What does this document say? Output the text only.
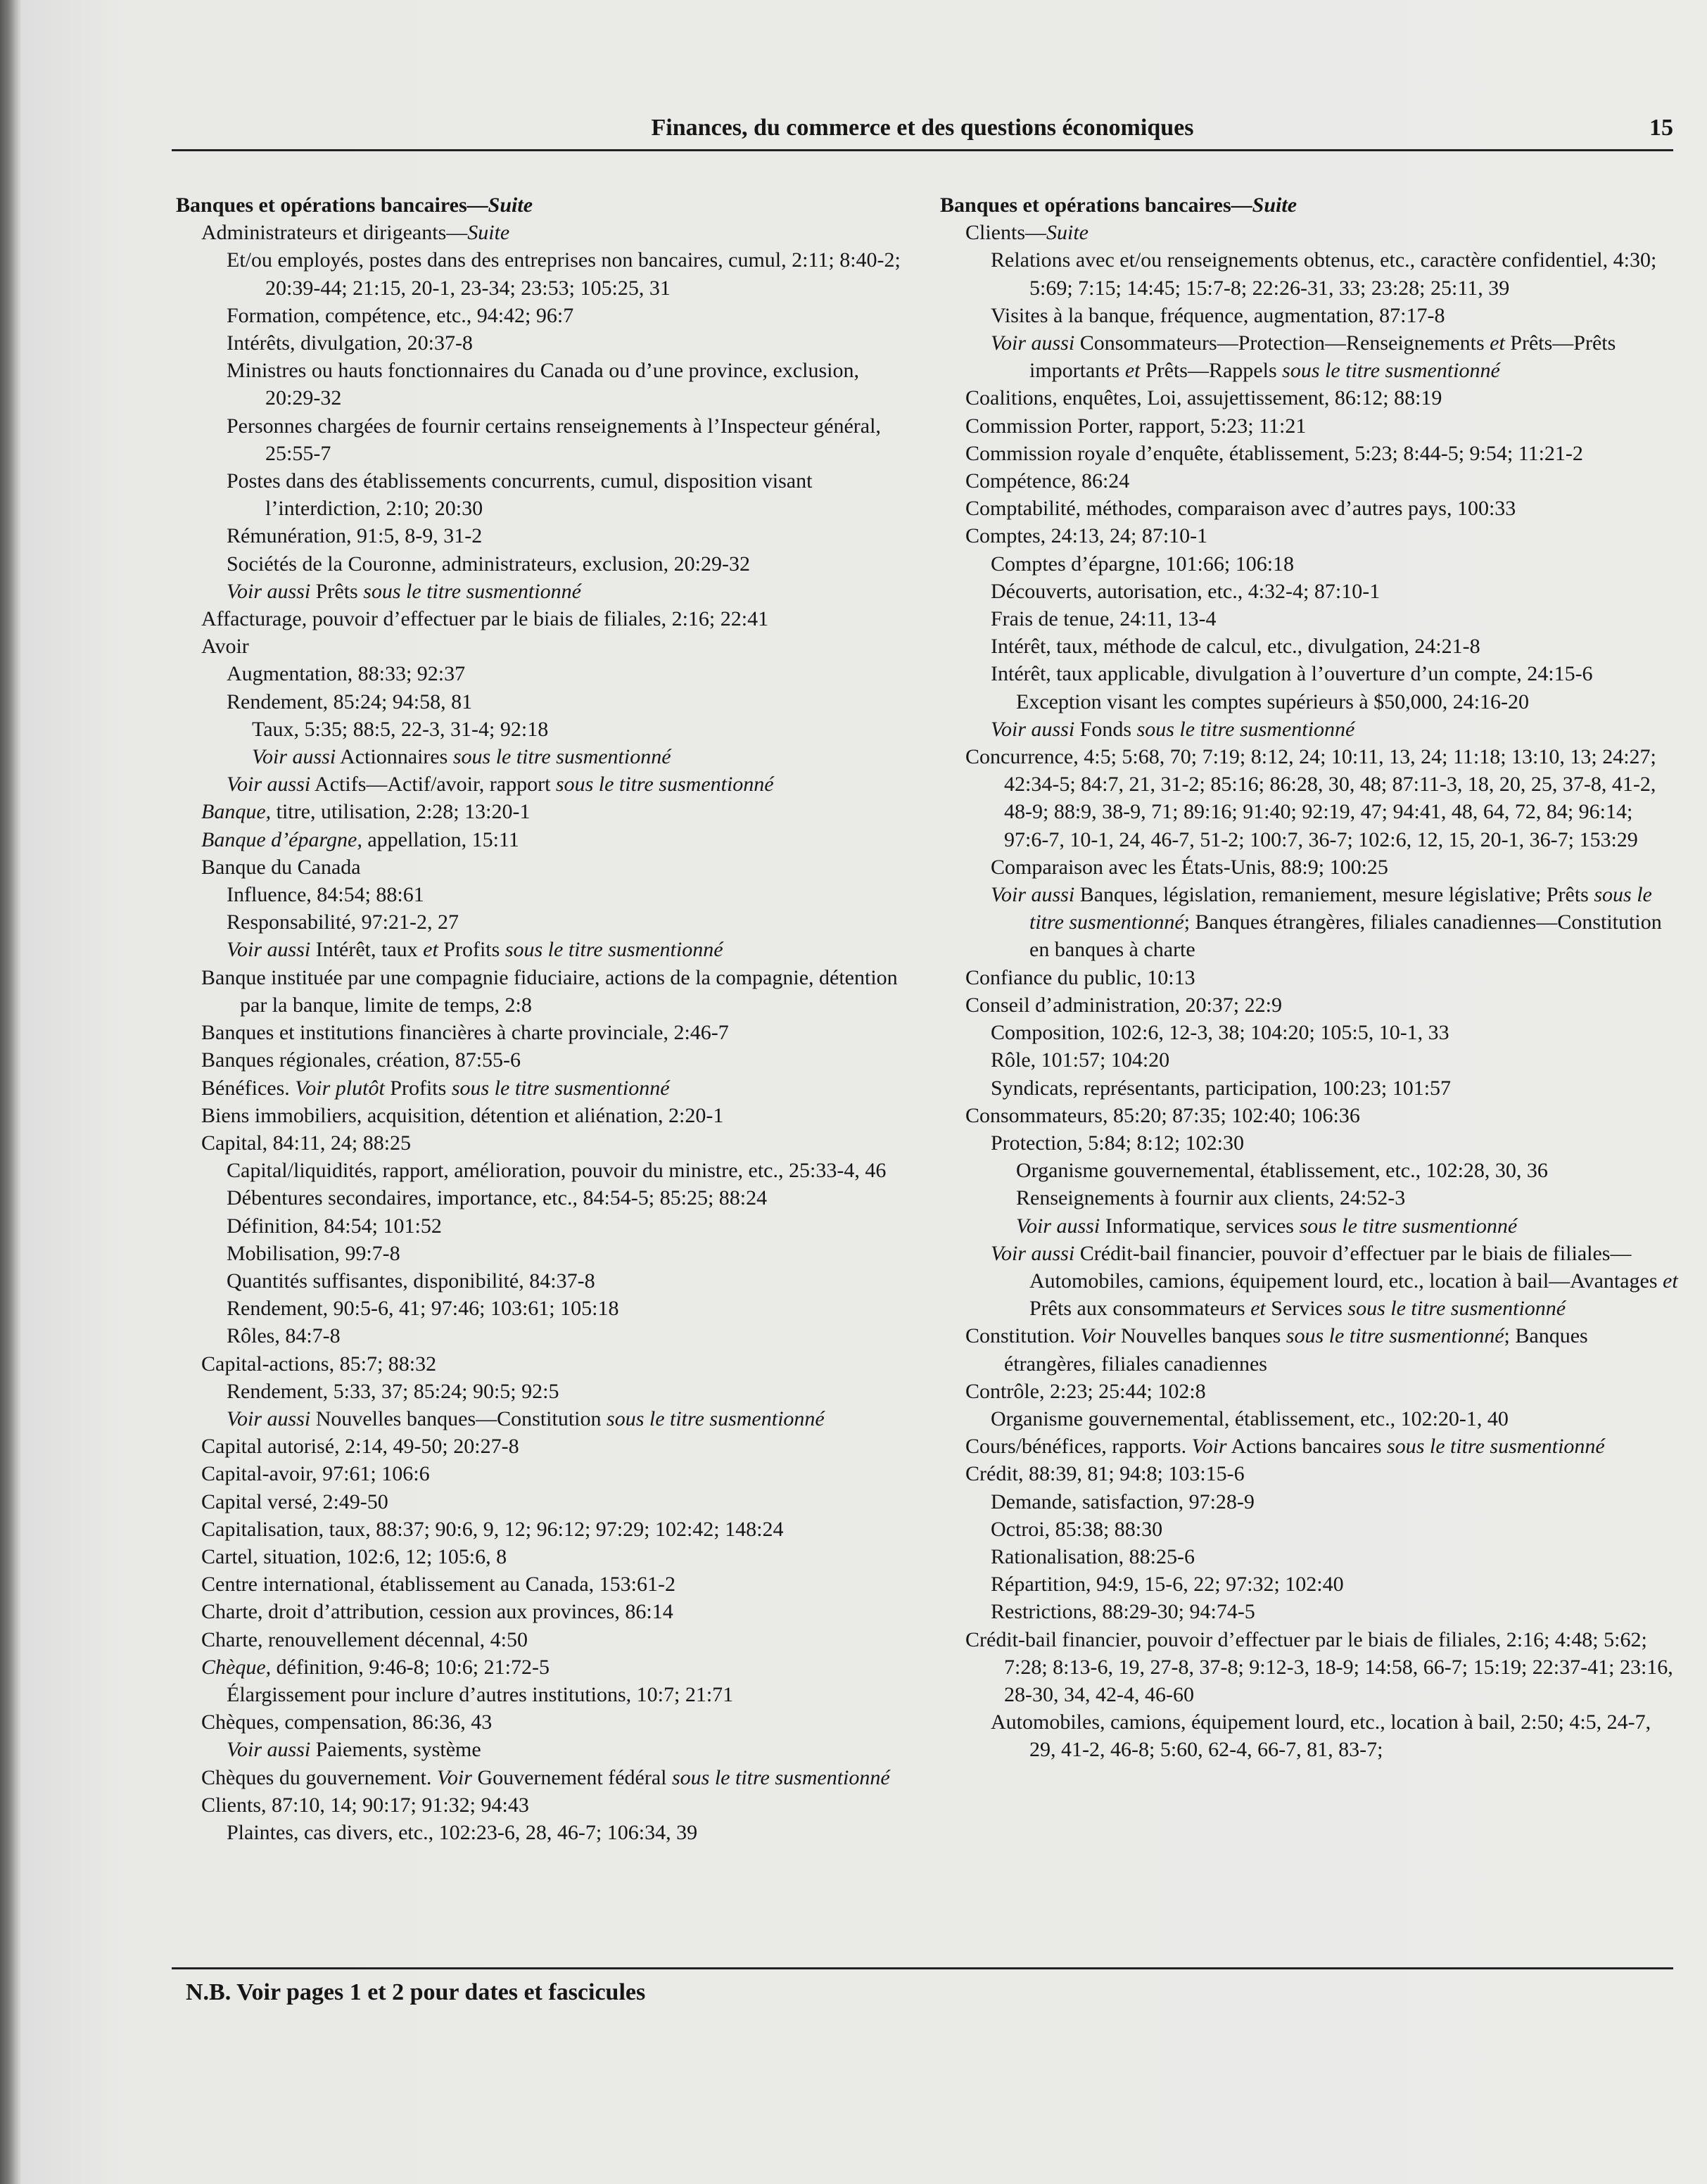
Finances, du commerce et des questions économiques	15
Banques et opérations bancaires—Suite
Administrateurs et dirigeants—Suite
Et/ou employés, postes dans des entreprises non bancaires, cumul, 2:11; 8:40-2; 20:39-44; 21:15, 20-1, 23-34; 23:53; 105:25, 31
Formation, compétence, etc., 94:42; 96:7
Intérêts, divulgation, 20:37-8
Ministres ou hauts fonctionnaires du Canada ou d’une province, exclusion, 20:29-32
Personnes chargées de fournir certains renseignements à l’Inspecteur général, 25:55-7
Postes dans des établissements concurrents, cumul, disposition visant l’interdiction, 2:10; 20:30
Rémunération, 91:5, 8-9, 31-2
Sociétés de la Couronne, administrateurs, exclusion, 20:29-32
Voir aussi Prêts sous le titre susmentionné
Affacturage, pouvoir d’effectuer par le biais de filiales, 2:16; 22:41
Avoir
Augmentation, 88:33; 92:37
Rendement, 85:24; 94:58, 81
Taux, 5:35; 88:5, 22-3, 31-4; 92:18
Voir aussi Actionnaires sous le titre susmentionné
Voir aussi Actifs—Actif/avoir, rapport sous le titre susmentionné
Banque, titre, utilisation, 2:28; 13:20-1
Banque d’épargne, appellation, 15:11
Banque du Canada
Influence, 84:54; 88:61
Responsabilité, 97:21-2, 27
Voir aussi Intérêt, taux et Profits sous le titre susmentionné
Banque instituée par une compagnie fiduciaire, actions de la compagnie, détention par la banque, limite de temps, 2:8
Banques et institutions financières à charte provinciale, 2:46-7
Banques régionales, création, 87:55-6
Bénéfices. Voir plutôt Profits sous le titre susmentionné
Biens immobiliers, acquisition, détention et aliénation, 2:20-1
Capital, 84:11, 24; 88:25
Capital/liquidités, rapport, amélioration, pouvoir du ministre, etc., 25:33-4, 46
Débentures secondaires, importance, etc., 84:54-5; 85:25; 88:24
Définition, 84:54; 101:52
Mobilisation, 99:7-8
Quantités suffisantes, disponibilité, 84:37-8
Rendement, 90:5-6, 41; 97:46; 103:61; 105:18
Rôles, 84:7-8
Capital-actions, 85:7; 88:32
Rendement, 5:33, 37; 85:24; 90:5; 92:5
Voir aussi Nouvelles banques—Constitution sous le titre susmentionné
Capital autorisé, 2:14, 49-50; 20:27-8
Capital-avoir, 97:61; 106:6
Capital versé, 2:49-50
Capitalisation, taux, 88:37; 90:6, 9, 12; 96:12; 97:29; 102:42; 148:24
Cartel, situation, 102:6, 12; 105:6, 8
Centre international, établissement au Canada, 153:61-2
Charte, droit d’attribution, cession aux provinces, 86:14
Charte, renouvellement décennal, 4:50
Chèque, définition, 9:46-8; 10:6; 21:72-5
Élargissement pour inclure d’autres institutions, 10:7; 21:71
Chèques, compensation, 86:36, 43
Voir aussi Paiements, système
Chèques du gouvernement. Voir Gouvernement fédéral sous le titre susmentionné
Clients, 87:10, 14; 90:17; 91:32; 94:43
Plaintes, cas divers, etc., 102:23-6, 28, 46-7; 106:34, 39
Banques et opérations bancaires—Suite
Clients—Suite
Relations avec et/ou renseignements obtenus, etc., caractère confidentiel, 4:30; 5:69; 7:15; 14:45; 15:7-8; 22:26-31, 33; 23:28; 25:11, 39
Visites à la banque, fréquence, augmentation, 87:17-8
Voir aussi Consommateurs—Protection—Renseignements et Prêts—Prêts importants et Prêts—Rappels sous le titre susmentionné
Coalitions, enquêtes, Loi, assujettissement, 86:12; 88:19
Commission Porter, rapport, 5:23; 11:21
Commission royale d’enquête, établissement, 5:23; 8:44-5; 9:54; 11:21-2
Compétence, 86:24
Comptabilité, méthodes, comparaison avec d’autres pays, 100:33
Comptes, 24:13, 24; 87:10-1
Comptes d’épargne, 101:66; 106:18
Découverts, autorisation, etc., 4:32-4; 87:10-1
Frais de tenue, 24:11, 13-4
Intérêt, taux, méthode de calcul, etc., divulgation, 24:21-8
Intérêt, taux applicable, divulgation à l’ouverture d’un compte, 24:15-6
Exception visant les comptes supérieurs à $50,000, 24:16-20
Voir aussi Fonds sous le titre susmentionné
Concurrence, 4:5; 5:68, 70; 7:19; 8:12, 24; 10:11, 13, 24; 11:18; 13:10, 13; 24:27; 42:34-5; 84:7, 21, 31-2; 85:16; 86:28, 30, 48; 87:11-3, 18, 20, 25, 37-8, 41-2, 48-9; 88:9, 38-9, 71; 89:16; 91:40; 92:19, 47; 94:41, 48, 64, 72, 84; 96:14; 97:6-7, 10-1, 24, 46-7, 51-2; 100:7, 36-7; 102:6, 12, 15, 20-1, 36-7; 153:29
Comparaison avec les États-Unis, 88:9; 100:25
Voir aussi Banques, législation, remaniement, mesure législative; Prêts sous le titre susmentionné; Banques étrangères, filiales canadiennes—Constitution en banques à charte
Confiance du public, 10:13
Conseil d’administration, 20:37; 22:9
Composition, 102:6, 12-3, 38; 104:20; 105:5, 10-1, 33
Rôle, 101:57; 104:20
Syndicats, représentants, participation, 100:23; 101:57
Consommateurs, 85:20; 87:35; 102:40; 106:36
Protection, 5:84; 8:12; 102:30
Organisme gouvernemental, établissement, etc., 102:28, 30, 36
Renseignements à fournir aux clients, 24:52-3
Voir aussi Informatique, services sous le titre susmentionné
Voir aussi Crédit-bail financier, pouvoir d’effectuer par le biais de filiales—Automobiles, camions, équipement lourd, etc., location à bail—Avantages et Prêts aux consommateurs et Services sous le titre susmentionné
Constitution. Voir Nouvelles banques sous le titre susmentionné; Banques étrangères, filiales canadiennes
Contrôle, 2:23; 25:44; 102:8
Organisme gouvernemental, établissement, etc., 102:20-1, 40
Cours/bénéfices, rapports. Voir Actions bancaires sous le titre susmentionné
Crédit, 88:39, 81; 94:8; 103:15-6
Demande, satisfaction, 97:28-9
Octroi, 85:38; 88:30
Rationalisation, 88:25-6
Répartition, 94:9, 15-6, 22; 97:32; 102:40
Restrictions, 88:29-30; 94:74-5
Crédit-bail financier, pouvoir d’effectuer par le biais de filiales, 2:16; 4:48; 5:62; 7:28; 8:13-6, 19, 27-8, 37-8; 9:12-3, 18-9; 14:58, 66-7; 15:19; 22:37-41; 23:16, 28-30, 34, 42-4, 46-60
Automobiles, camions, équipement lourd, etc., location à bail, 2:50; 4:5, 24-7, 29, 41-2, 46-8; 5:60, 62-4, 66-7, 81, 83-7;
N.B. Voir pages 1 et 2 pour dates et fascicules
